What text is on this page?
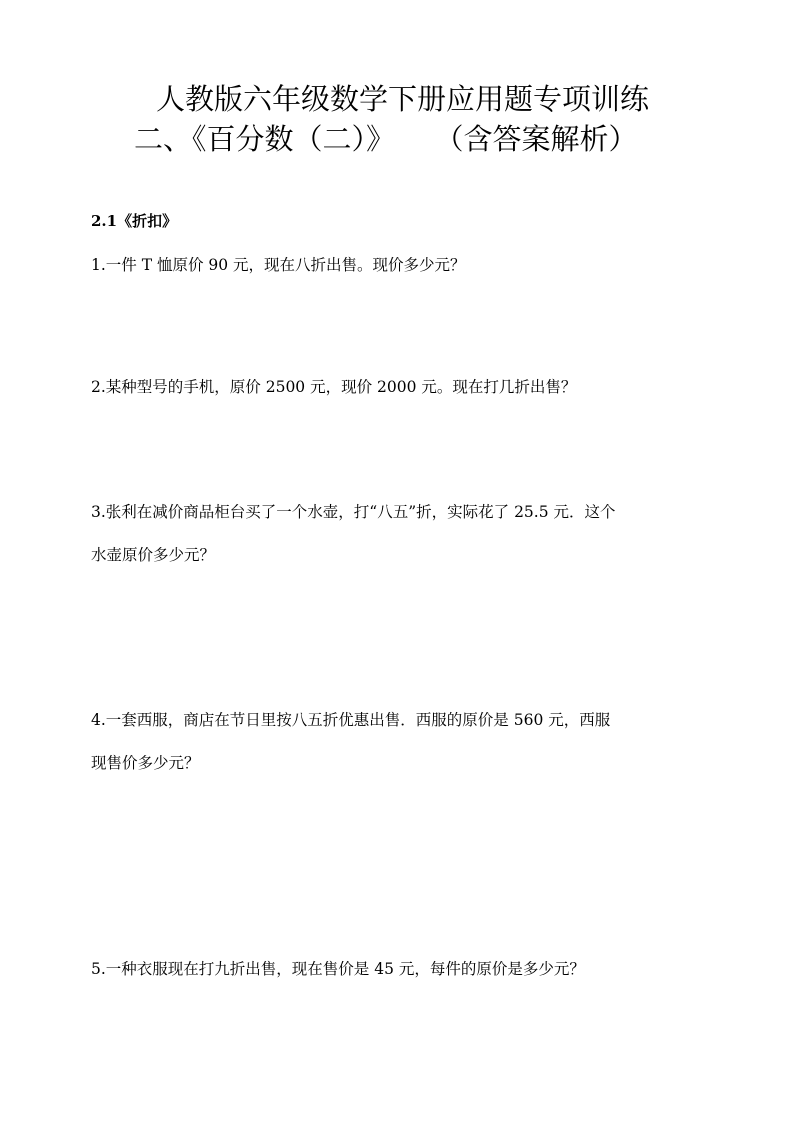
人教版六年级数学下册应用题专项训练
二、《百分数（二）》 （含答案解析）
2.1《折扣》
1.一件 T 恤原价 90 元，现在八折出售。现价多少元？
2.某种型号的手机，原价 2500 元，现价 2000 元。现在打几折出售？
3.张利在减价商品柜台买了一个水壶，打“八五”折，实际花了 25.5 元．这个
水壶原价多少元？
4.一套西服，商店在节日里按八五折优惠出售．西服的原价是 560 元，西服
现售价多少元？
5.一种衣服现在打九折出售，现在售价是 45 元，每件的原价是多少元？
